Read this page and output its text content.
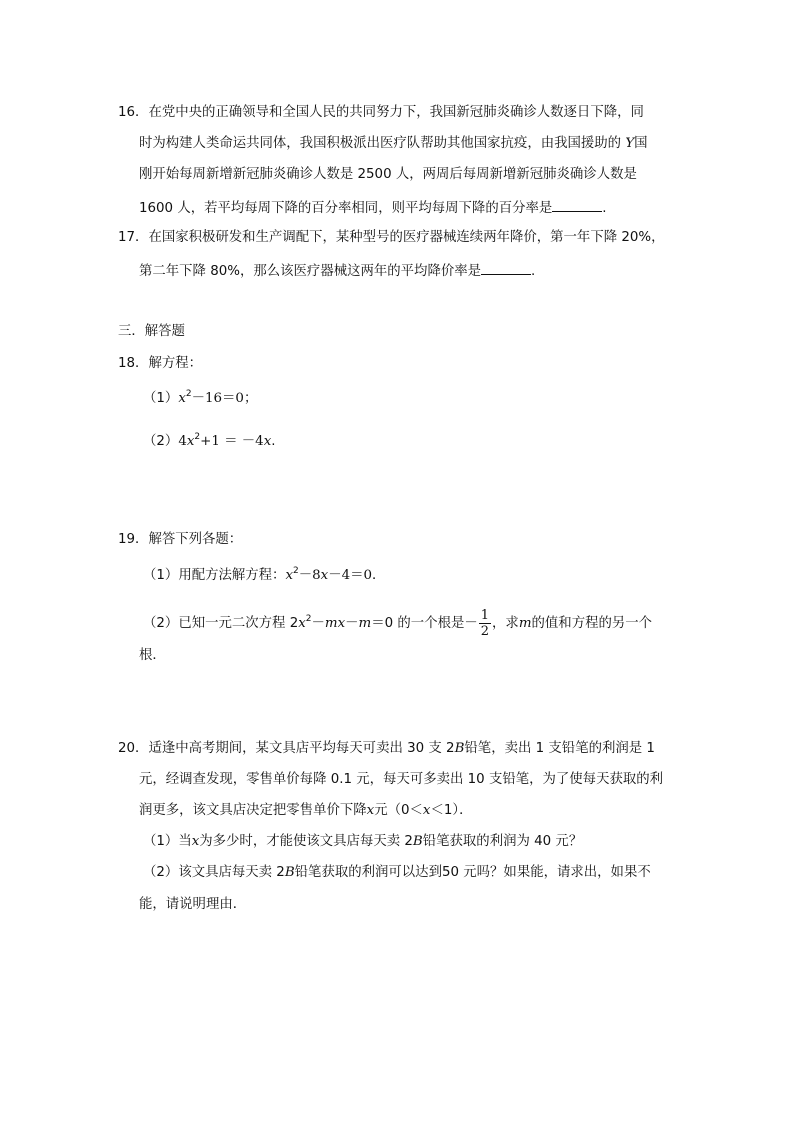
16．在党中央的正确领导和全国人民的共同努力下，我国新冠肺炎确诊人数逐日下降，同
时为构建人类命运共同体，我国积极派出医疗队帮助其他国家抗疫，由我国援助的 Y国
刚开始每周新增新冠肺炎确诊人数是 2500 人，两周后每周新增新冠肺炎确诊人数是
1600 人，若平均每周下降的百分率相同，则平均每周下降的百分率是	.
17．在国家积极研发和生产调配下，某种型号的医疗器械连续两年降价，第一年下降 20%，
第二年下降 80%，那么该医疗器械这两年的平均降价率是	.
三．解答题
18．解方程：
$(1)x^2-16=0$；
$(2)4x^2+1 = -4x$.
19．解答下列各题：
（1）用配方法解方程：$x^2-8x-4=0$．
（2）已知一元二次方程 $2x^2-mx-m=0$ 的一个根是－ $\frac{1}{2}$ ，求m的值和方程的另一个
根．
20．适逢中高考期间，某文具店平均每天可卖出 30 支 2B铅笔，卖出 1 支铅笔的利润是 1
元，经调查发现，零售单价每降 0.1 元，每天可多卖出 10 支铅笔，为了使每天获取的利
润更多，该文具店决定把零售单价下降x元（0＜x＜1）．
（1）当x为多少时，才能使该文具店每天卖 2B铅笔获取的利润为 40 元？
（2）该文具店每天卖 2B铅笔获取的利润可以达到50 元吗？如果能，请求出，如果不
能，请说明理由．
